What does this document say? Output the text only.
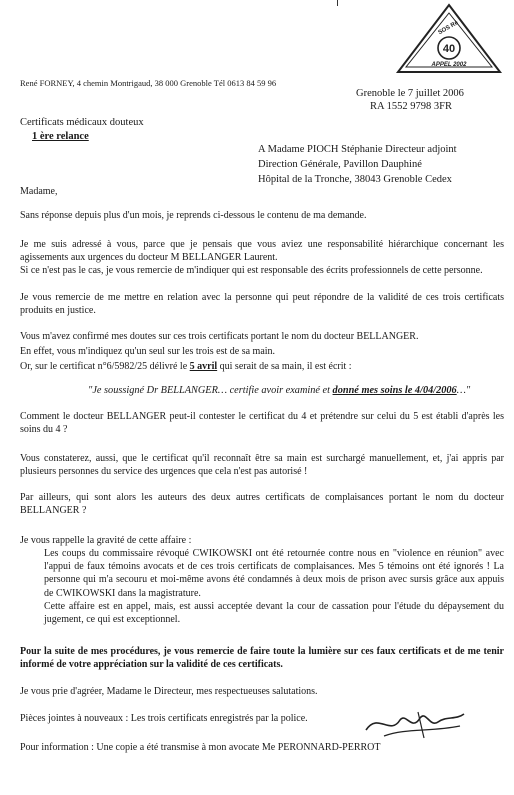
40
SOS Ré
APPEL 2002
René FORNEY, 4 chemin Montrigaud, 38 000 Grenoble Tél 0613 84 59 96
Grenoble le 7 juillet 2006
RA 1552 9798 3FR
Certificats médicaux douteux
1 ère relance
A Madame PIOCH Stéphanie Directeur adjoint
Direction Générale, Pavillon Dauphiné
Hôpital de la Tronche, 38043 Grenoble Cedex
Madame,
Sans réponse depuis plus d'un mois, je reprends ci-dessous le contenu de ma demande.
Je me suis adressé à vous, parce que je pensais que vous aviez une responsabilité hiérarchique concernant les agissements aux urgences du docteur M BELLANGER Laurent.
Si ce n'est pas le cas, je vous remercie de m'indiquer qui est responsable des écrits professionnels de cette personne.
Je vous remercie de me mettre en relation avec la personne qui peut répondre de la validité de ces trois certificats produits en justice.
Vous m'avez confirmé mes doutes sur ces trois certificats portant le nom du docteur BELLANGER.
En effet, vous m'indiquez qu'un seul sur les trois est de sa main.
Or, sur le certificat n°6/5982/25 délivré le 5 avril qui serait de sa main, il est écrit :
"Je soussigné Dr BELLANGER… certifie avoir examiné et donné mes soins le 4/04/2006…"
Comment le docteur BELLANGER peut-il contester le certificat du 4 et prétendre sur celui du 5 est établi d'après les soins du 4 ?
Vous constaterez, aussi, que le certificat qu'il reconnaît être sa main est surchargé manuellement, et, j'ai appris par plusieurs personnes du service des urgences que cela n'est pas autorisé !
Par ailleurs, qui sont alors les auteurs des deux autres certificats de complaisances portant le nom du docteur BELLANGER ?
Je vous rappelle la gravité de cette affaire :
Les coups du commissaire révoqué CWIKOWSKI ont été retournée contre nous en "violence en réunion" avec l'appui de faux témoins avocats et de ces trois certificats de complaisances. Mes 5 témoins ont été ignorés ! La personne qui m'a secouru et moi-même avons été condamnés à deux mois de prison avec sursis grâce aux appuis de CWIKOWSKI dans la magistrature.
Cette affaire est en appel, mais, est aussi acceptée devant la cour de cassation pour l'étude du dépaysement du jugement, ce qui est exceptionnel.
Pour la suite de mes procédures, je vous remercie de faire toute la lumière sur ces faux certificats et de me tenir informé de votre appréciation sur la validité de ces certificats.
Je vous prie d'agréer, Madame le Directeur, mes respectueuses salutations.
Pièces jointes à nouveaux : Les trois certificats enregistrés par la police.
Pour information : Une copie a été transmise à mon avocate Me PERONNARD-PERROT
